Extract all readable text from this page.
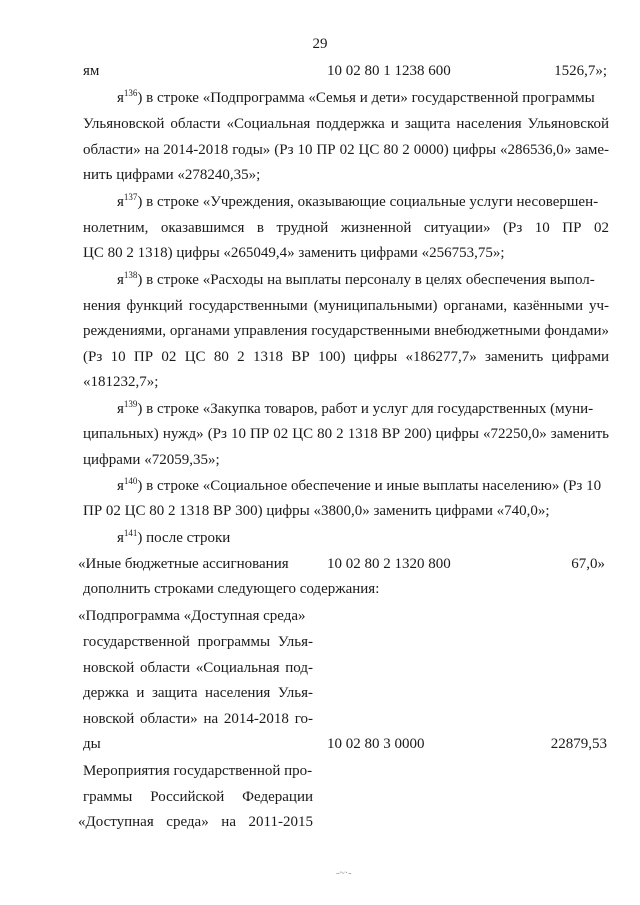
29
ям	10 02 80 1 1238 600	1526,7»;
$я^{136}$) в строке «Подпрограмма «Семья и дети» государственной программы
Ульяновской области «Социальная поддержка и защита населения Ульяновской
области» на 2014-2018 годы» (Рз 10 ПР 02 ЦС 80 2 0000) цифры «286536,0» заме-
нить цифрами «278240,35»;
$я^{137}$) в строке «Учреждения, оказывающие социальные услуги несовершен-
нолетним, оказавшимся в трудной жизненной ситуации» (Рз 10 ПР 02
ЦС 80 2 1318) цифры «265049,4» заменить цифрами «256753,75»;
$я^{138}$) в строке «Расходы на выплаты персоналу в целях обеспечения выпол-
нения функций государственными (муниципальными) органами, казёнными уч-
реждениями, органами управления государственными внебюджетными фондами»
(Рз 10 ПР 02 ЦС 80 2 1318 ВР 100) цифры «186277,7» заменить цифрами
«181232,7»;
$я^{139}$) в строке «Закупка товаров, работ и услуг для государственных (муни-
ципальных) нужд» (Рз 10 ПР 02 ЦС 80 2 1318 ВР 200) цифры «72250,0» заменить
цифрами «72059,35»;
$я^{140}$) в строке «Социальное обеспечение и иные выплаты населению» (Рз 10
ПР 02 ЦС 80 2 1318 ВР 300) цифры «3800,0» заменить цифрами «740,0»;
$я^{141}$) после строки
«Иные бюджетные ассигнования	10 02 80 2 1320 800	67,0»
дополнить строками следующего содержания:
«Подпрограмма «Доступная среда»
государственной программы Улья-
новской области «Социальная под-
держка и защита населения Улья-
новской области» на 2014-2018 го-
ды	10 02 80 3 0000	22879,53
Мероприятия государственной про-
граммы Российской Федерации
«Доступная среда» на 2011-2015
-~·-
